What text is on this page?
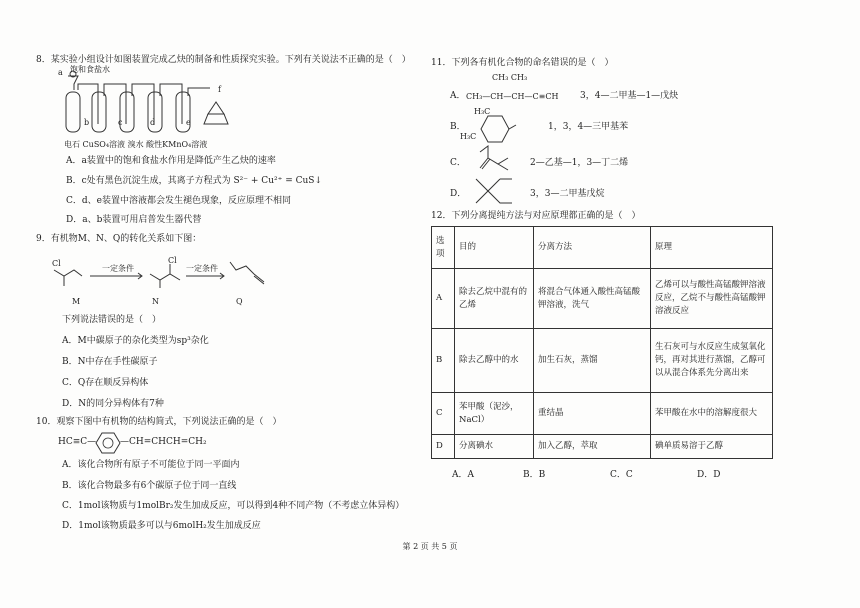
8．某实验小组设计如图装置完成乙炔的制备和性质探究实验。下列有关说法不正确的是（　）
a 饱和食盐水
f
b	c	d	e
电石 CuSO₄溶液 溴水 酸性KMnO₄溶液
A．a装置中的饱和食盐水作用是降低产生乙炔的速率
B．c处有黑色沉淀生成，其离子方程式为 S²⁻ + Cu²⁺ = CuS↓
C．d、e装置中溶液都会发生褪色现象，反应原理不相同
D．a、b装置可用启普发生器代替
9．有机物M、N、Q的转化关系如下图：
Cl	Cl
一定条件	一定条件
M	N	Q
下列说法错误的是（　）
A．M中碳原子的杂化类型为sp³杂化
B．N中存在手性碳原子
C．Q存在顺反异构体
D．N的同分异构体有7种
10．观察下图中有机物的结构简式，下列说法正确的是（　）
HC≡C—	—CH=CHCH=CH₂
A．该化合物所有原子不可能位于同一平面内
B．该化合物最多有6个碳原子位于同一直线
C．1mol该物质与1molBr₂发生加成反应，可以得到4种不同产物（不考虑立体异构）
D．1mol该物质最多可以与6molH₂发生加成反应
11．下列各有机化合物的命名错误的是（　）
A．
CH₃ CH₃
CH₃—CH—CH—C≡CH 3，4—二甲基—1—戊炔
B．
H₃C
H₃C
1，3，4—三甲基苯
C．	2—乙基—1，3—丁二烯
D．	3，3—二甲基戊烷
12．下列分离提纯方法与对应原理都正确的是（　）
选项	目的	分离方法	原理
A	除去乙烷中混有的乙烯	将混合气体通入酸性高锰酸钾溶液，洗气	乙烯可以与酸性高锰酸钾溶液反应，乙烷不与酸性高锰酸钾溶液反应
B	除去乙醇中的水	加生石灰，蒸馏	生石灰可与水反应生成氢氧化钙，再对其进行蒸馏，乙醇可以从混合体系先分离出来
C	苯甲酸（泥沙，NaCl）	重结晶	苯甲酸在水中的溶解度很大
D	分离碘水	加入乙醇，萃取	碘单质易溶于乙醇
A．A	B．B	C．C	D．D
第 2 页 共 5 页
